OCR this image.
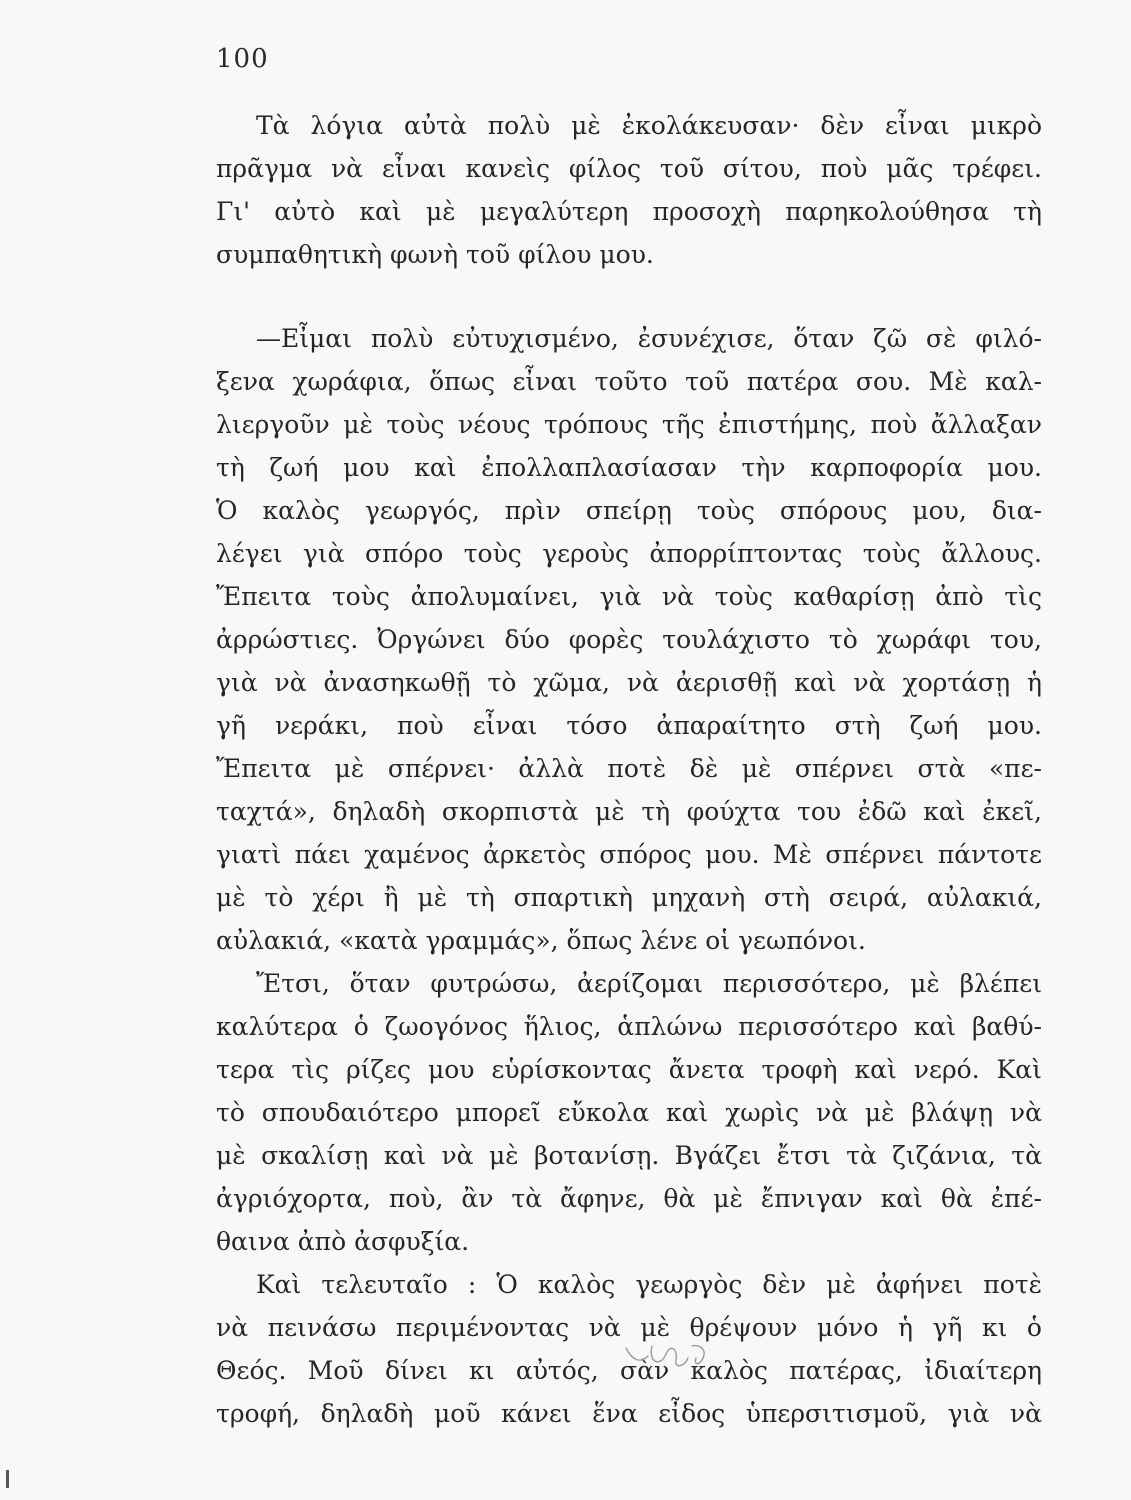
100
Τὰ λόγια αὐτὰ πολὺ μὲ ἐκολάκευσαν· δὲν εἶναι μικρὸ
πρᾶγμα νὰ εἶναι κανεὶς φίλος τοῦ σίτου, ποὺ μᾶς τρέφει.
Γι' αὐτὸ καὶ μὲ μεγαλύτερη προσοχὴ παρηκολούθησα τὴ
συμπαθητικὴ φωνὴ τοῦ φίλου μου.
—Εἶμαι πολὺ εὐτυχισμένο, ἐσυνέχισε, ὅταν ζῶ σὲ φιλό-
ξενα χωράφια, ὅπως εἶναι τοῦτο τοῦ πατέρα σου. Μὲ καλ-
λιεργοῦν μὲ τοὺς νέους τρόπους τῆς ἐπιστήμης, ποὺ ἄλλαξαν
τὴ ζωή μου καὶ ἐπολλαπλασίασαν τὴν καρποφορία μου.
Ὁ καλὸς γεωργός, πρὶν σπείρῃ τοὺς σπόρους μου, δια-
λέγει γιὰ σπόρο τοὺς γεροὺς ἀπορρίπτοντας τοὺς ἄλλους.
Ἔπειτα τοὺς ἀπολυμαίνει, γιὰ νὰ τοὺς καθαρίσῃ ἀπὸ τὶς
ἀρρώστιες. Ὀργώνει δύο φορὲς τουλάχιστο τὸ χωράφι του,
γιὰ νὰ ἀνασηκωθῇ τὸ χῶμα, νὰ ἀερισθῇ καὶ νὰ χορτάσῃ ἡ
γῆ νεράκι, ποὺ εἶναι τόσο ἀπαραίτητο στὴ ζωή μου.
Ἔπειτα μὲ σπέρνει· ἀλλὰ ποτὲ δὲ μὲ σπέρνει στὰ «πε-
ταχτά», δηλαδὴ σκορπιστὰ μὲ τὴ φούχτα του ἐδῶ καὶ ἐκεῖ,
γιατὶ πάει χαμένος ἀρκετὸς σπόρος μου. Μὲ σπέρνει πάντοτε
μὲ τὸ χέρι ἢ μὲ τὴ σπαρτικὴ μηχανὴ στὴ σειρά, αὐλακιά,
αὐλακιά, «κατὰ γραμμάς», ὅπως λένε οἱ γεωπόνοι.
Ἔτσι, ὅταν φυτρώσω, ἀερίζομαι περισσότερο, μὲ βλέπει
καλύτερα ὁ ζωογόνος ἥλιος, ἁπλώνω περισσότερο καὶ βαθύ-
τερα τὶς ρίζες μου εὑρίσκοντας ἄνετα τροφὴ καὶ νερό. Καὶ
τὸ σπουδαιότερο μπορεῖ εὔκολα καὶ χωρὶς νὰ μὲ βλάψῃ νὰ
μὲ σκαλίσῃ καὶ νὰ μὲ βοτανίσῃ. Βγάζει ἔτσι τὰ ζιζάνια, τὰ
ἀγριόχορτα, ποὺ, ἂν τὰ ἄφηνε, θὰ μὲ ἔπνιγαν καὶ θὰ ἐπέ-
θαινα ἀπὸ ἀσφυξία.
Καὶ τελευταῖο : Ὁ καλὸς γεωργὸς δὲν μὲ ἀφήνει ποτὲ
νὰ πεινάσω περιμένοντας νὰ μὲ θρέψουν μόνο ἡ γῆ κι ὁ
Θεός. Μοῦ δίνει κι αὐτός, σὰν καλὸς πατέρας, ἰδιαίτερη
τροφή, δηλαδὴ μοῦ κάνει ἕνα εἶδος ὑπερσιτισμοῦ, γιὰ νὰ
